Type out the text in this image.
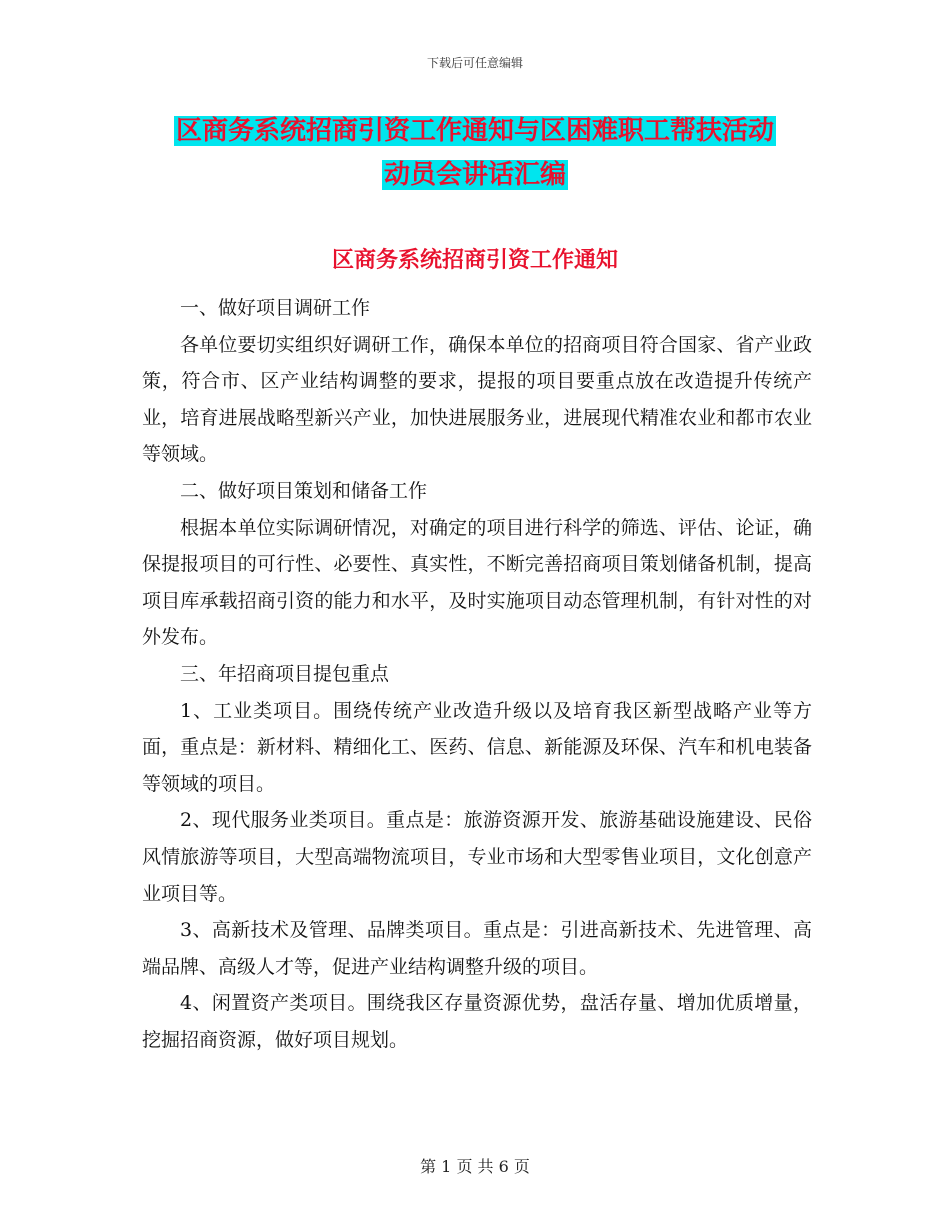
下载后可任意编辑
区商务系统招商引资工作通知与区困难职工帮扶活动
动员会讲话汇编
区商务系统招商引资工作通知

一、做好项目调研工作

各单位要切实组织好调研工作，确保本单位的招商项目符合国家、省产业政策，符合市、区产业结构调整的要求，提报的项目要重点放在改造提升传统产业，培育进展战略型新兴产业，加快进展服务业，进展现代精准农业和都市农业等领域。

二、做好项目策划和储备工作

根据本单位实际调研情况，对确定的项目进行科学的筛选、评估、论证，确保提报项目的可行性、必要性、真实性，不断完善招商项目策划储备机制，提高项目库承载招商引资的能力和水平，及时实施项目动态管理机制，有针对性的对外发布。

三、年招商项目提包重点

1、工业类项目。围绕传统产业改造升级以及培育我区新型战略产业等方面，重点是：新材料、精细化工、医药、信息、新能源及环保、汽车和机电装备等领域的项目。

2、现代服务业类项目。重点是：旅游资源开发、旅游基础设施建设、民俗风情旅游等项目，大型高端物流项目，专业市场和大型零售业项目，文化创意产业项目等。

3、高新技术及管理、品牌类项目。重点是：引进高新技术、先进管理、高端品牌、高级人才等，促进产业结构调整升级的项目。

4、闲置资产类项目。围绕我区存量资源优势，盘活存量、增加优质增量，挖掘招商资源，做好项目规划。

第 1 页 共 6 页
